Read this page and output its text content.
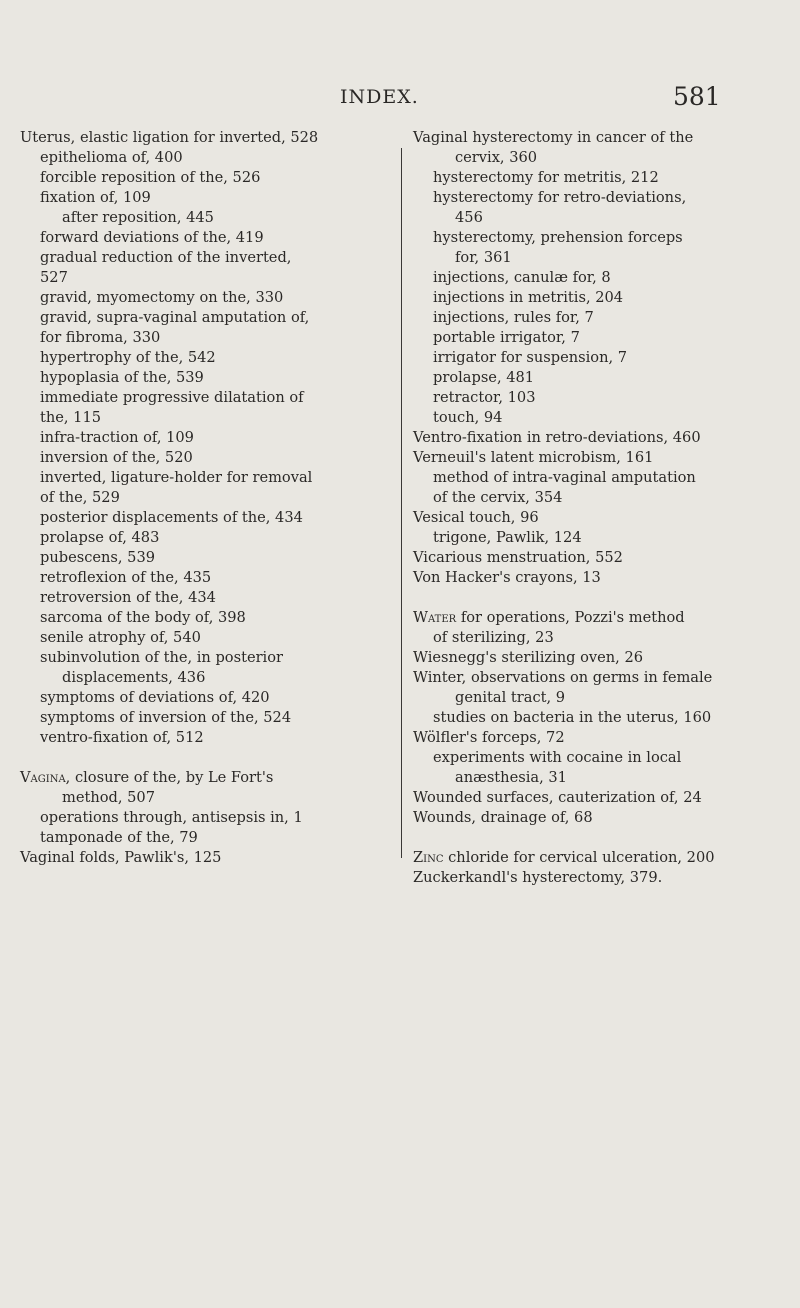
INDEX.	581
Uterus, elastic ligation for inverted, 528
epithelioma of, 400
forcible reposition of the, 526
fixation of, 109
after reposition, 445
forward deviations of the, 419
gradual reduction of the inverted,
527
gravid, myomectomy on the, 330
gravid, supra-vaginal amputation of,
for fibroma, 330
hypertrophy of the, 542
hypoplasia of the, 539
immediate progressive dilatation of
the, 115
infra-traction of, 109
inversion of the, 520
inverted, ligature-holder for removal
of the, 529
posterior displacements of the, 434
prolapse of, 483
pubescens, 539
retroflexion of the, 435
retroversion of the, 434
sarcoma of the body of, 398
senile atrophy of, 540
subinvolution of the, in posterior
displacements, 436
symptoms of deviations of, 420
symptoms of inversion of the, 524
ventro-fixation of, 512
Vagina, closure of the, by Le Fort's
method, 507
operations through, antisepsis in, 1
tamponade of the, 79
Vaginal folds, Pawlik's, 125
Vaginal hysterectomy in cancer of the
cervix, 360
hysterectomy for metritis, 212
hysterectomy for retro-deviations,
456
hysterectomy, prehension forceps
for, 361
injections, canulæ for, 8
injections in metritis, 204
injections, rules for, 7
portable irrigator, 7
irrigator for suspension, 7
prolapse, 481
retractor, 103
touch, 94
Ventro-fixation in retro-deviations, 460
Verneuil's latent microbism, 161
method of intra-vaginal amputation
of the cervix, 354
Vesical touch, 96
trigone, Pawlik, 124
Vicarious menstruation, 552
Von Hacker's crayons, 13
Water for operations, Pozzi's method
of sterilizing, 23
Wiesnegg's sterilizing oven, 26
Winter, observations on germs in female
genital tract, 9
studies on bacteria in the uterus, 160
Wölfler's forceps, 72
experiments with cocaine in local
anæsthesia, 31
Wounded surfaces, cauterization of, 24
Wounds, drainage of, 68
Zinc chloride for cervical ulceration, 200
Zuckerkandl's hysterectomy, 379.
